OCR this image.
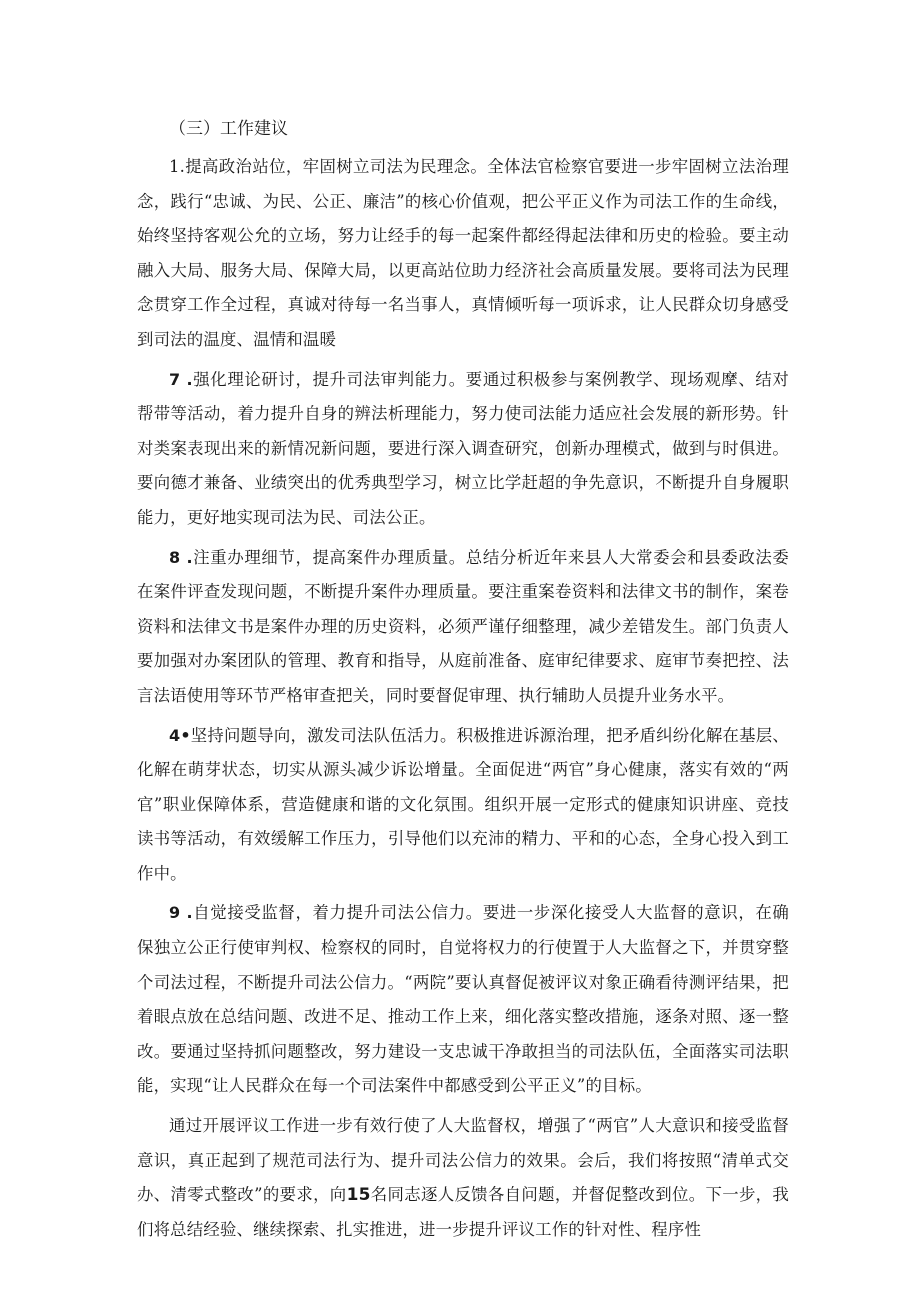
（三）工作建议

1.提高政治站位，牢固树立司法为民理念。全体法官检察官要进一步牢固树立法治理念，践行“忠诚、为民、公正、廉洁”的核心价值观，把公平正义作为司法工作的生命线，始终坚持客观公允的立场，努力让经手的每一起案件都经得起法律和历史的检验。要主动融入大局、服务大局、保障大局，以更高站位助力经济社会高质量发展。要将司法为民理念贯穿工作全过程，真诚对待每一名当事人，真情倾听每一项诉求，让人民群众切身感受到司法的温度、温情和温暖

7 .强化理论研讨，提升司法审判能力。要通过积极参与案例教学、现场观摩、结对帮带等活动，着力提升自身的辨法析理能力，努力使司法能力适应社会发展的新形势。针对类案表现出来的新情况新问题，要进行深入调查研究，创新办理模式，做到与时俱进。要向德才兼备、业绩突出的优秀典型学习，树立比学赶超的争先意识，不断提升自身履职能力，更好地实现司法为民、司法公正。

8 .注重办理细节，提高案件办理质量。总结分析近年来县人大常委会和县委政法委在案件评查发现问题，不断提升案件办理质量。要注重案卷资料和法律文书的制作，案卷资料和法律文书是案件办理的历史资料，必须严谨仔细整理，减少差错发生。部门负责人要加强对办案团队的管理、教育和指导，从庭前准备、庭审纪律要求、庭审节奏把控、法言法语使用等环节严格审查把关，同时要督促审理、执行辅助人员提升业务水平。

4•坚持问题导向，激发司法队伍活力。积极推进诉源治理，把矛盾纠纷化解在基层、化解在萌芽状态，切实从源头减少诉讼增量。全面促进“两官”身心健康，落实有效的“两官”职业保障体系，营造健康和谐的文化氛围。组织开展一定形式的健康知识讲座、竞技读书等活动，有效缓解工作压力，引导他们以充沛的精力、平和的心态，全身心投入到工作中。

9 .自觉接受监督，着力提升司法公信力。要进一步深化接受人大监督的意识，在确保独立公正行使审判权、检察权的同时，自觉将权力的行使置于人大监督之下，并贯穿整个司法过程，不断提升司法公信力。“两院”要认真督促被评议对象正确看待测评结果，把着眼点放在总结问题、改进不足、推动工作上来，细化落实整改措施，逐条对照、逐一整改。要通过坚持抓问题整改，努力建设一支忠诚干净敢担当的司法队伍，全面落实司法职能，实现“让人民群众在每一个司法案件中都感受到公平正义”的目标。

通过开展评议工作进一步有效行使了人大监督权，增强了“两官”人大意识和接受监督意识，真正起到了规范司法行为、提升司法公信力的效果。会后，我们将按照“清单式交办、清零式整改”的要求，向15名同志逐人反馈各自问题，并督促整改到位。下一步，我们将总结经验、继续探索、扎实推进，进一步提升评议工作的针对性、程序性
